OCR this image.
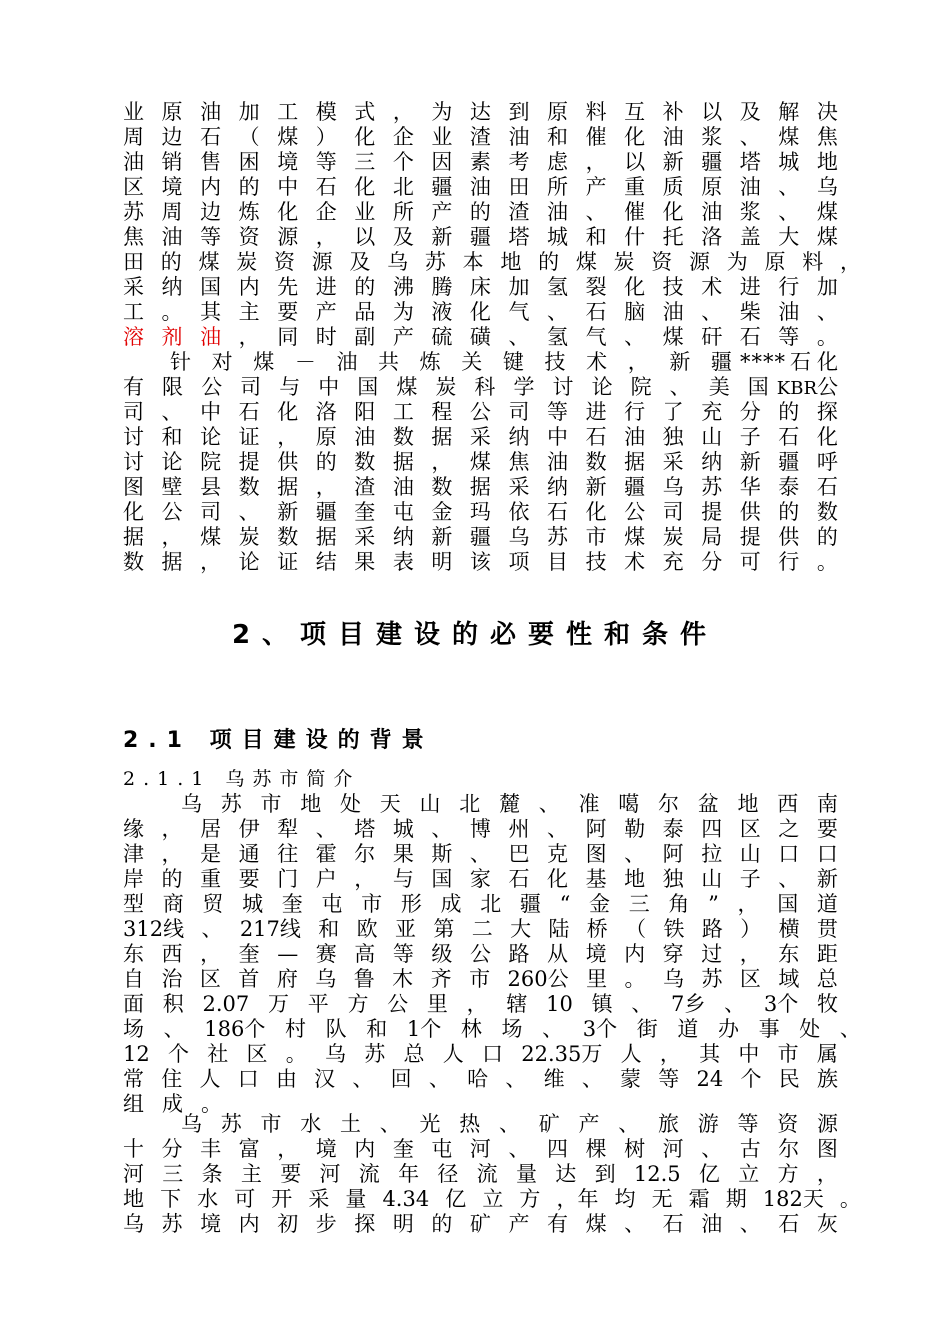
业 原 油 加 工 模 式 ， 为 达 到 原 料 互 补 以 及 解 决
周 边 石 （ 煤 ） 化 企 业 渣 油 和 催 化 油 浆 、 煤 焦
油 销 售 困 境 等 三 个 因 素 考 虑 ， 以 新 疆 塔 城 地
区 境 内 的 中 石 化 北 疆 油 田 所 产 重 质 原 油 、 乌
苏 周 边 炼 化 企 业 所 产 的 渣 油 、 催 化 油 浆 、 煤
焦 油 等 资 源 ， 以 及 新 疆 塔 城 和 什 托 洛 盖 大 煤
田 的 煤 炭 资 源 及 乌 苏 本 地 的 煤 炭 资 源 为 原 料 ，
采 纳 国 内 先 进 的 沸 腾 床 加 氢 裂 化 技 术 进 行 加
工 。 其 主 要 产 品 为 液 化 气 、 石 脑 油 、 柴 油 、
溶 剂 油 ， 同 时 副 产 硫 磺 、 氢 气 、 煤 矸 石 等 。
针 对 煤 － 油 共 炼 关 键 技 术 ， 新 疆 **** 石 化
有 限 公 司 与 中 国 煤 炭 科 学 讨 论 院 、 美 国 KBR 公
司 、 中 石 化 洛 阳 工 程 公 司 等 进 行 了 充 分 的 探
讨 和 论 证 ， 原 油 数 据 采 纳 中 石 油 独 山 子 石 化
讨 论 院 提 供 的 数 据 ， 煤 焦 油 数 据 采 纳 新 疆 呼
图 壁 县 数 据 ， 渣 油 数 据 采 纳 新 疆 乌 苏 华 泰 石
化 公 司 、 新 疆 奎 屯 金 玛 依 石 化 公 司 提 供 的 数
据 ， 煤 炭 数 据 采 纳 新 疆 乌 苏 市 煤 炭 局 提 供 的
数 据 ， 论 证 结 果 表 明 该 项 目 技 术 充 分 可 行 。
2、项目建设的必要性和条件
2.1 项目建设的背景
2.1.1 乌苏市简介
乌 苏 市 地 处 天 山 北 麓 、 准 噶 尔 盆 地 西 南
缘 ， 居 伊 犁 、 塔 城 、 博 州 、 阿 勒 泰 四 区 之 要
津 ， 是 通 往 霍 尔 果 斯 、 巴 克 图 、 阿 拉 山 口 口
岸 的 重 要 门 户 ， 与 国 家 石 化 基 地 独 山 子 、 新
型 商 贸 城 奎 屯 市 形 成 北 疆 “ 金 三 角 ” ， 国 道
312线 、 217线 和 欧 亚 第 二 大 陆 桥 （ 铁 路 ） 横 贯
东 西 ， 奎 — 赛 高 等 级 公 路 从 境 内 穿 过 ， 东 距
自 治 区 首 府 乌 鲁 木 齐 市 260公 里 。 乌 苏 区 域 总
面 积 2.07 万 平 方 公 里 ， 辖 10 镇 、 7乡 、 3个 牧
场 、 186个 村 队 和 1个 林 场 、 3个 街 道 办 事 处 、
12 个 社 区 。 乌 苏 总 人 口 22.35万 人 ， 其 中 市 属
常 住 人 口 由 汉 、 回 、 哈 、 维 、 蒙 等 24 个 民 族
组 成 。
乌 苏 市 水 土 、 光 热 、 矿 产 、 旅 游 等 资 源
十 分 丰 富 ， 境 内 奎 屯 河 、 四 棵 树 河 、 古 尔 图
河 三 条 主 要 河 流 年 径 流 量 达 到 12.5 亿 立 方 ，
地 下 水 可 开 采 量 4.34 亿 立 方 ，年 均 无 霜 期 182天 。
乌 苏 境 内 初 步 探 明 的 矿 产 有 煤 、 石 油 、 石 灰
